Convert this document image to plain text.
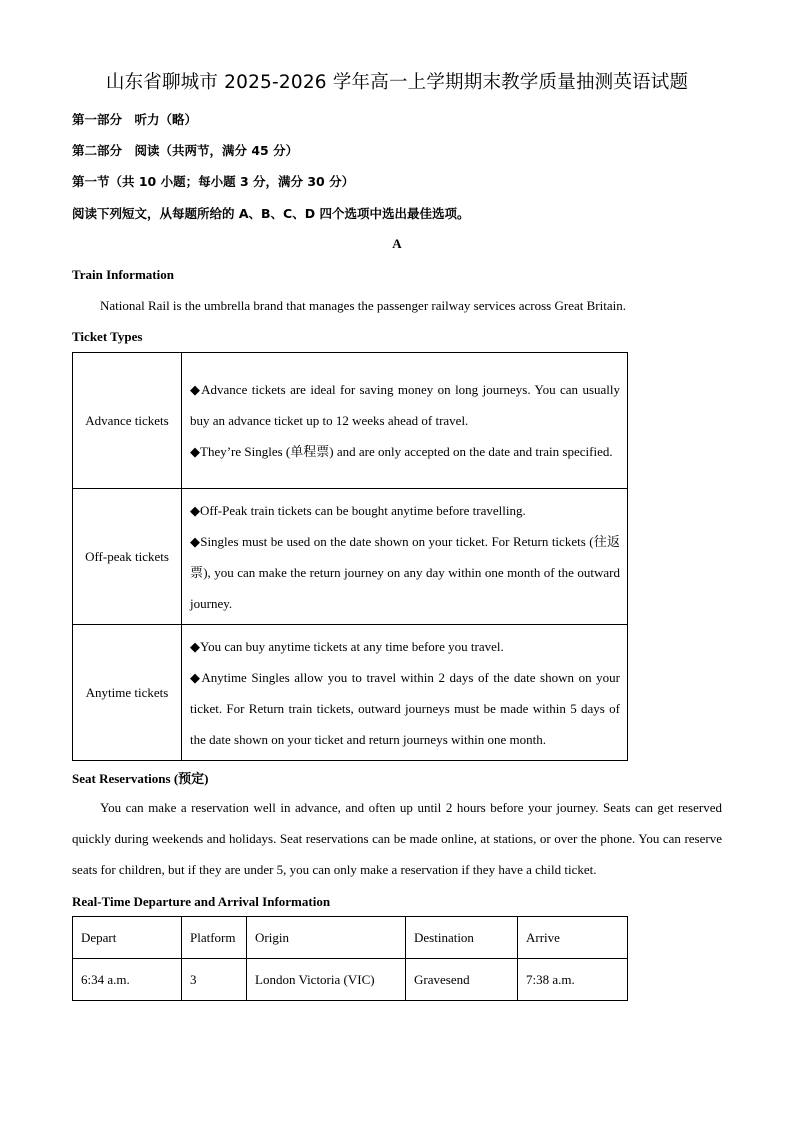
山东省聊城市 2025-2026 学年高一上学期期末教学质量抽测英语试题
第一部分　听力（略）
第二部分　阅读（共两节，满分 45 分）
第一节（共 10 小题；每小题 3 分，满分 30 分）
阅读下列短文，从每题所给的 A、B、C、D 四个选项中选出最佳选项。
A
Train Information
National Rail is the umbrella brand that manages the passenger railway services across Great Britain.
Ticket Types
Advance tickets	◆Advance tickets are ideal for saving money on long journeys. You can usually buy an advance ticket up to 12 weeks ahead of travel.

◆They’re Singles (单程票) and are only accepted on the date and train specified.

Off-peak tickets	◆Off-Peak train tickets can be bought anytime before travelling.

◆Singles must be used on the date shown on your ticket. For Return tickets (往返票), you can make the return journey on any day within one month of the outward journey.

Anytime tickets	◆You can buy anytime tickets at any time before you travel.

◆Anytime Singles allow you to travel within 2 days of the date shown on your ticket. For Return train tickets, outward journeys must be made within 5 days of the date shown on your ticket and return journeys within one month.

Seat Reservations (预定)
You can make a reservation well in advance, and often up until 2 hours before your journey. Seats can get reserved quickly during weekends and holidays. Seat reservations can be made online, at stations, or over the phone. You can reserve seats for children, but if they are under 5, you can only make a reservation if they have a child ticket.
Real-Time Departure and Arrival Information
Depart	Platform	Origin	Destination	Arrive
6:34 a.m.	3	London Victoria (VIC)	Gravesend	7:38 a.m.
